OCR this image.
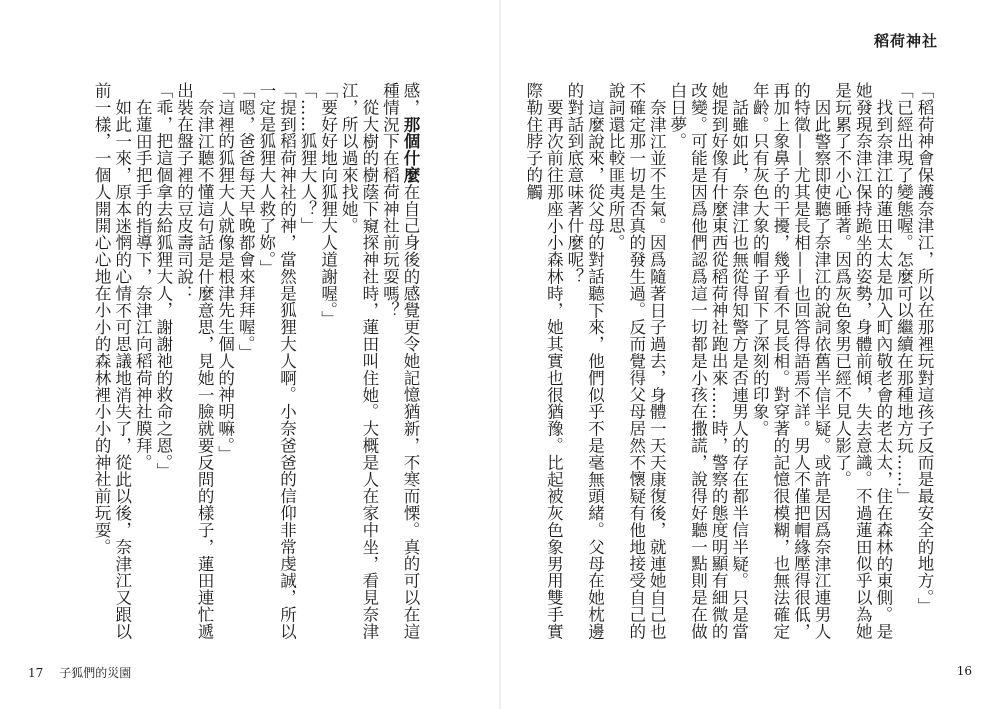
稻荷神社

「稻荷神會保護奈津江，所以在那裡玩對這孩子反而是最安全的地方。」

「已經出現了變態喔。怎麼可以繼續在那種地方玩……」

找到奈津江的蓮田太太是加入町內敬老會的老太太，住在森林的東側。是她發現奈津江保持跪坐的姿勢，身體前傾，失去意識。不過蓮田似乎以為她是玩累了不小心睡著。因爲灰色象男已經不見人影了。

因此警察即使聽了奈津江的說詞依舊半信半疑。或許是因爲奈津江連男人的特徵——尤其是長相——也回答得語焉不詳。男人不僅把帽緣壓得很低，再加上象鼻子的干擾，幾乎看不見長相。對穿著的記憶很模糊，也無法確定年齡。只有灰色大象的帽子留下了深刻的印象。

話雖如此，奈津江也無從得知警方是否連男人的存在都半信半疑。只是當她提到好像有什麼東西從稻荷神社跑出來……時，警察的態度明顯有細微的改變。可能是因爲他們認爲這一切都是小孩在撒謊，說得好聽一點則是在做白日夢。

奈津江並不生氣。因爲隨著日子過去，身體一天天康復後，就連她自己也不確定那一切是否真的發生過。反而覺得父母居然不懷疑有他地接受自己的說詞還比較匪夷所思。

這麼說來，從父母的對話聽下來，他們似乎不是毫無頭緒。父母在她枕邊的對話到底意味著什麼呢？

要再次前往那座小小森林時，她其實也很猶豫。比起被灰色象男用雙手實際勒住脖子的觸

16

感，那個什麼在自己身後的感覺更令她記憶猶新，不寒而慄。真的可以在這種情況下在稻荷神社前玩耍嗎？

從大樹的樹蔭下窺探神社時，蓮田叫住她。大概是人在家中坐，看見奈津江，所以過來找她。

「要好好地向狐狸大人道謝喔。」

「……狐狸大人？」

「提到稻荷神社的神，當然是狐狸大人啊。小奈爸爸的信仰非常虔誠，所以一定是狐狸大人救了妳。」

「嗯，爸爸每天早晚都會來拜拜喔。」

「這裡的狐狸大人就像是根津先生個人的神明嘛。」

奈津江聽不懂這句話是什麼意思，見她一臉就要反問的樣子，蓮田連忙遞出裝在盤子裡的豆皮壽司說：

「乖，把這個拿去給狐狸大人，謝謝祂的救命之恩。」

在蓮田手把手的指導下，奈津江向稻荷神社膜拜。

如此一來，原本迷惘的心情不可思議地消失了，從此以後，奈津江又跟以前一樣，一個人開開心心地在小小的森林裡小小的神社前玩耍。

17 子狐們的災園
